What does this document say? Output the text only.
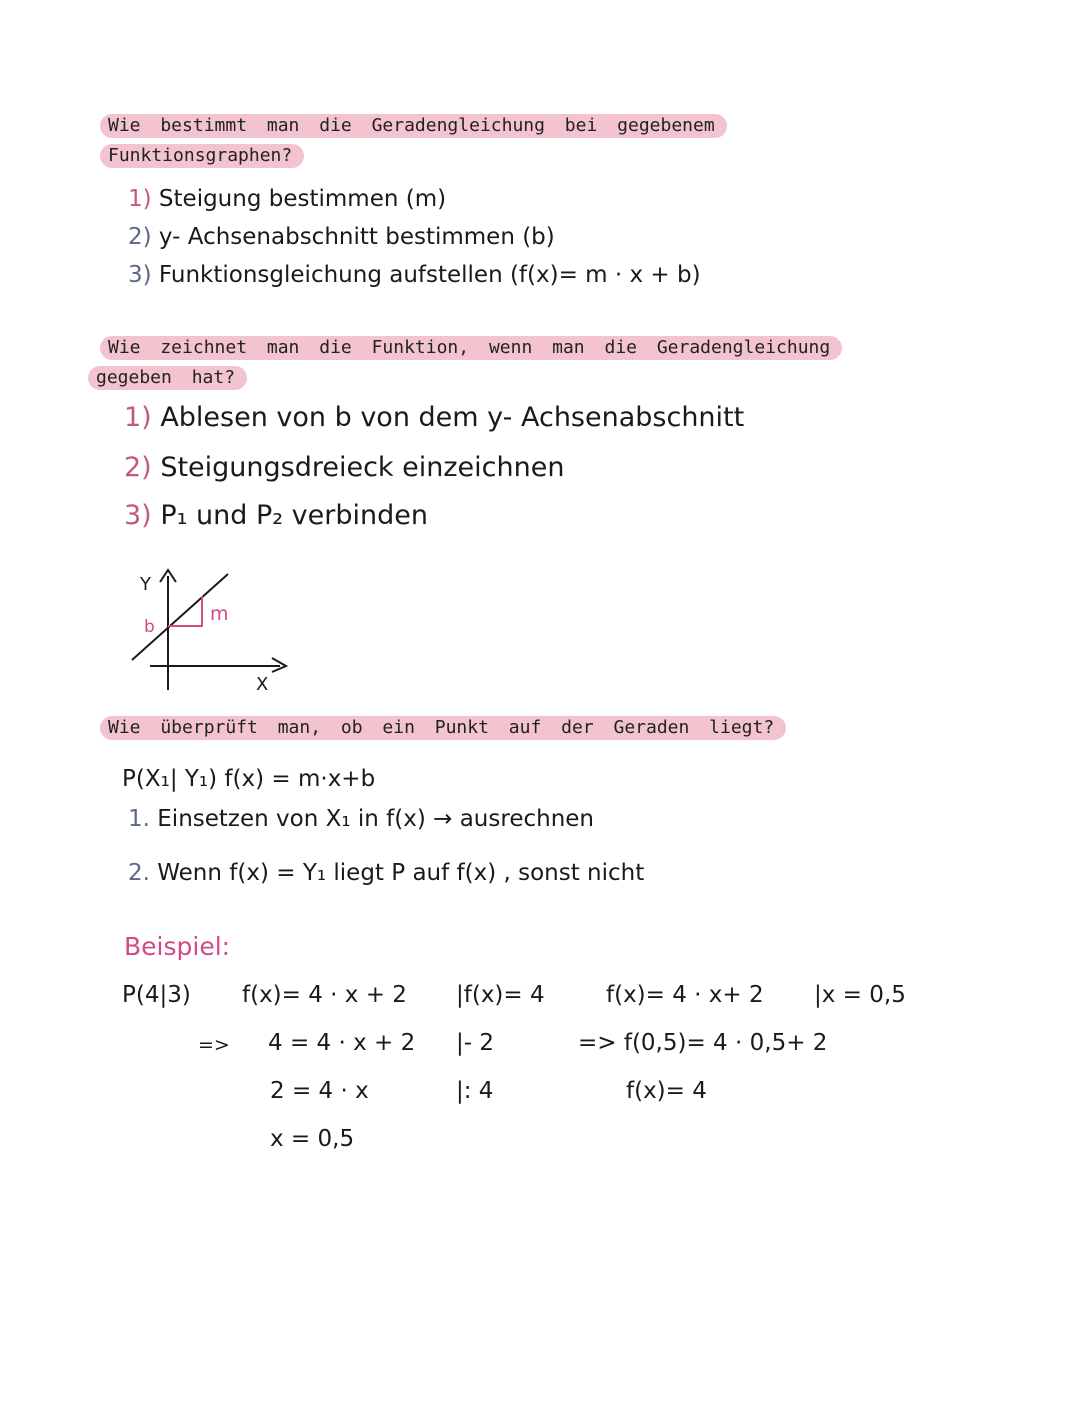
Wie bestimmt man die Geradengleichung bei gegebenem
Funktionsgraphen?
1) Steigung bestimmen (m)
2) y- Achsenabschnitt bestimmen (b)
3) Funktionsgleichung aufstellen (f(x)= m · x + b)
Wie zeichnet man die Funktion, wenn man die Geradengleichung
gegeben hat?
1) Ablesen von b von dem y- Achsenabschnitt
2) Steigungsdreieck einzeichnen
3) P₁ und P₂ verbinden
Y
X
b
m
Wie überprüft man, ob ein Punkt auf der Geraden liegt?
P(X₁| Y₁) f(x) = m·x+b
1. Einsetzen von X₁ in f(x) → ausrechnen
2. Wenn f(x) = Y₁ liegt P auf f(x) , sonst nicht
Beispiel:
P(4|3) f(x)= 4 · x + 2 |f(x)= 4
=> 4 = 4 · x + 2 |- 2
2 = 4 · x	|: 4
x = 0,5
f(x)= 4 · x+ 2 |x = 0,5
=> f(0,5)= 4 · 0,5+ 2
f(x)= 4
